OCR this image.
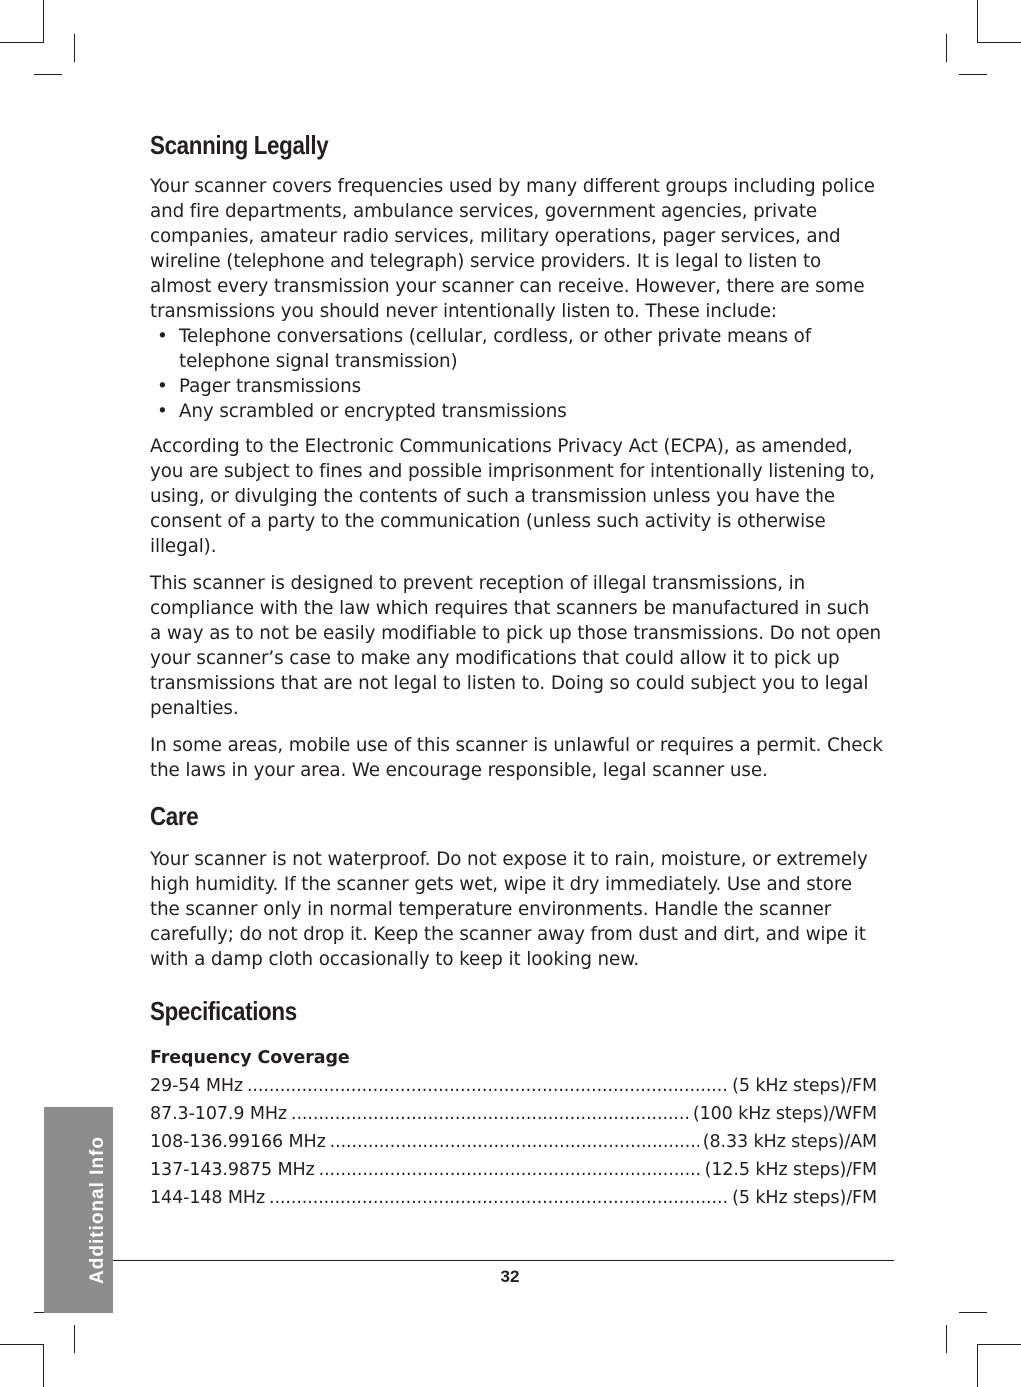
Scanning Legally

Your scanner covers frequencies used by many different groups including police and fire departments, ambulance services, government agencies, private companies, amateur radio services, military operations, pager services, and wireline (telephone and telegraph) service providers. It is legal to listen to almost every transmission your scanner can receive. However, there are some transmissions you should never intentionally listen to. These include:

• Telephone conversations (cellular, cordless, or other private means of telephone signal transmission)
• Pager transmissions
• Any scrambled or encrypted transmissions

According to the Electronic Communications Privacy Act (ECPA), as amended, you are subject to fines and possible imprisonment for intentionally listening to, using, or divulging the contents of such a transmission unless you have the consent of a party to the communication (unless such activity is otherwise illegal).

This scanner is designed to prevent reception of illegal transmissions, in compliance with the law which requires that scanners be manufactured in such a way as to not be easily modifiable to pick up those transmissions. Do not open your scanner’s case to make any modifications that could allow it to pick up transmissions that are not legal to listen to. Doing so could subject you to legal penalties.

In some areas, mobile use of this scanner is unlawful or requires a permit. Check the laws in your area. We encourage responsible, legal scanner use.

Care

Your scanner is not waterproof. Do not expose it to rain, moisture, or extremely high humidity. If the scanner gets wet, wipe it dry immediately. Use and store the scanner only in normal temperature environments. Handle the scanner carefully; do not drop it. Keep the scanner away from dust and dirt, and wipe it with a damp cloth occasionally to keep it looking new.

Specifications
Frequency Coverage
29-54 MHz .....	(5 kHz steps)/FM
87.3-107.9 MHz .....	(100 kHz steps)/WFM
108-136.99166 MHz .....	(8.33 kHz steps)/AM
137-143.9875 MHz .....	(12.5 kHz steps)/FM
144-148 MHz .....	(5 kHz steps)/FM
32
Additional Info
